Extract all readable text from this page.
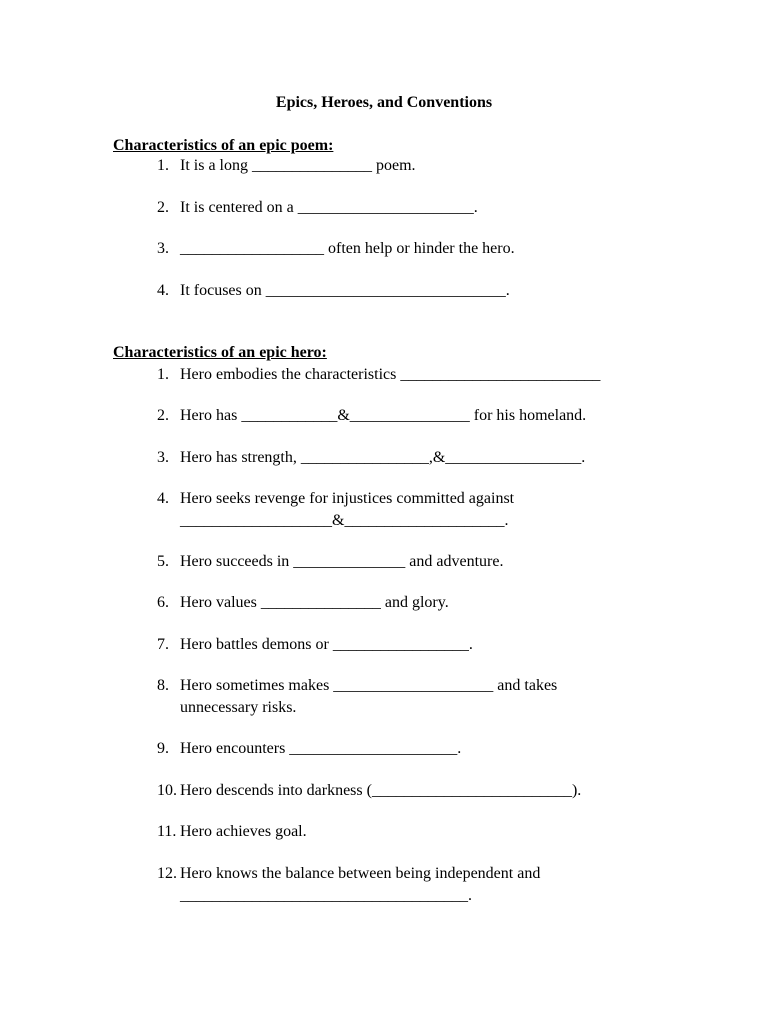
Epics, Heroes, and Conventions
Characteristics of an epic poem:
1. It is a long _______________ poem.
2. It is centered on a ______________________.
3. __________________ often help or hinder the hero.
4. It focuses on ______________________________.
Characteristics of an epic hero:
1. Hero embodies the characteristics _________________________
2. Hero has ____________&_______________ for his homeland.
3. Hero has strength, ________________,&_________________.
4. Hero seeks revenge for injustices committed against
___________________&____________________.
5. Hero succeeds in ______________ and adventure.
6. Hero values _______________ and glory.
7. Hero battles demons or _________________.
8. Hero sometimes makes ____________________ and takes
unnecessary risks.
9. Hero encounters _____________________.
10. Hero descends into darkness (_________________________).
11. Hero achieves goal.
12. Hero knows the balance between being independent and
____________________________________.
